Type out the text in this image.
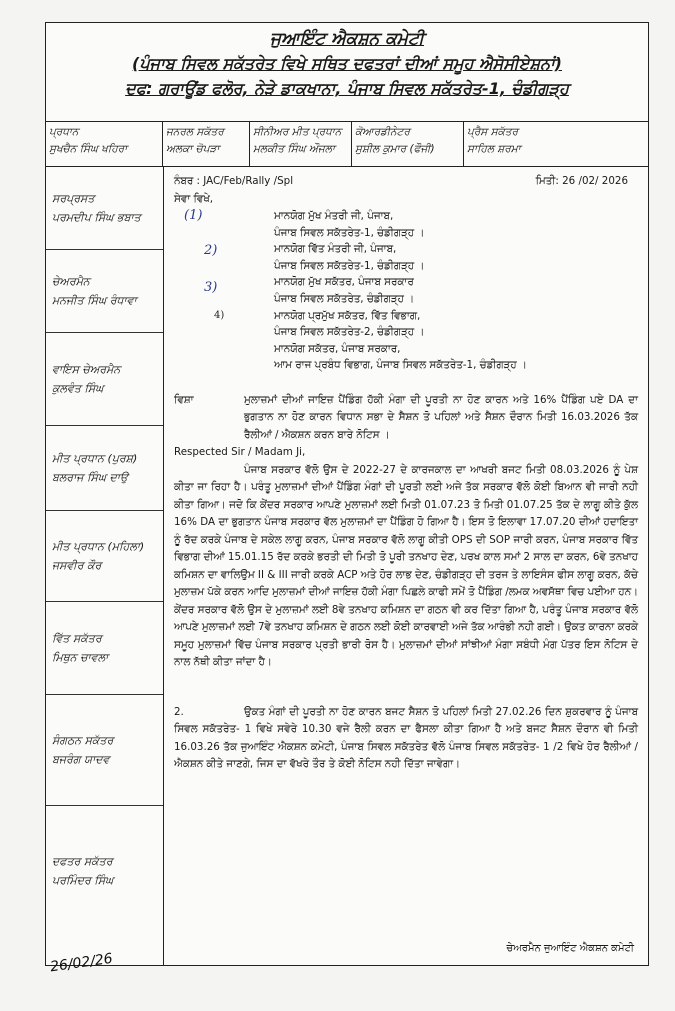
ਜੁਆਇੰਟ ਐਕਸ਼ਨ ਕਮੇਟੀ
(ਪੰਜਾਬ ਸਿਵਲ ਸਕੱਤਰੇਤ ਵਿਖੇ ਸਥਿਤ ਦਫਤਰਾਂ ਦੀਆਂ ਸਮੂਹ ਐਸੋਸੀਏਸ਼ਨਾਂ)
ਦਫ: ਗਰਾਊਂਡ ਫਲੋਰ, ਨੇੜੇ ਡਾਕਖਾਨਾ, ਪੰਜਾਬ ਸਿਵਲ ਸਕੱਤਰੇਤ-1, ਚੰਡੀਗੜ੍ਹ
ਪ੍ਰਧਾਨ
ਸੁਖਚੈਨ ਸਿੰਘ ਖਹਿਰਾ
ਜਨਰਲ ਸਕੱਤਰ
ਅਲਕਾ ਚੋਪੜਾ
ਸੀਨੀਅਰ ਮੀਤ ਪ੍ਰਧਾਨ
ਮਲਕੀਤ ਸਿੰਘ ਔਜਲਾ
ਕੋਆਰਡੀਨੇਟਰ
ਸੁਸ਼ੀਲ ਕੁਮਾਰ (ਫੌਜੀ)
ਪ੍ਰੈਸ ਸਕੱਤਰ
ਸਾਹਿਲ ਸ਼ਰਮਾ
ਸਰਪ੍ਰਸਤ
ਪਰਮਦੀਪ ਸਿੰਘ ਭਬਾਤ
ਚੇਅਰਮੈਨ
ਮਨਜੀਤ ਸਿੰਘ ਰੰਧਾਵਾ
ਵਾਇਸ ਚੇਅਰਮੈਨ
ਕੁਲਵੰਤ ਸਿੰਘ
ਮੀਤ ਪ੍ਰਧਾਨ (ਪੁਰਸ਼)
ਬਲਰਾਜ ਸਿੰਘ ਦਾਉ
ਮੀਤ ਪ੍ਰਧਾਨ (ਮਹਿਲਾ)
ਜਸਵੀਰ ਕੌਰ
ਵਿੱਤ ਸਕੱਤਰ
ਮਿਥੁਨ ਚਾਵਲਾ
ਸੰਗਠਨ ਸਕੱਤਰ
ਬਜਰੰਗ ਯਾਦਵ
ਦਫਤਰ ਸਕੱਤਰ
ਪਰਮਿੰਦਰ ਸਿੰਘ
ਨੰਬਰ : JAC/Feb/Rally /Spl	ਮਿਤੀ: 26 /02/ 2026
ਸੇਵਾ ਵਿਖੇ,
ਮਾਨਯੋਗ ਮੁੱਖ ਮੰਤਰੀ ਜੀ, ਪੰਜਾਬ,
ਪੰਜਾਬ ਸਿਵਲ ਸਕੱਤਰੇਤ-1, ਚੰਡੀਗੜ੍ਹ ।
ਮਾਨਯੋਗ ਵਿੱਤ ਮੰਤਰੀ ਜੀ, ਪੰਜਾਬ,
ਪੰਜਾਬ ਸਿਵਲ ਸਕੱਤਰੇਤ-1, ਚੰਡੀਗੜ੍ਹ ।
ਮਾਨਯੋਗ ਮੁੱਖ ਸਕੱਤਰ, ਪੰਜਾਬ ਸਰਕਾਰ
ਪੰਜਾਬ ਸਿਵਲ ਸਕੱਤਰੇਤ, ਚੰਡੀਗੜ੍ਹ ।
ਮਾਨਯੋਗ ਪ੍ਰਮੁੱਖ ਸਕੱਤਰ, ਵਿੱਤ ਵਿਭਾਗ,
ਪੰਜਾਬ ਸਿਵਲ ਸਕੱਤਰੇਤ-2, ਚੰਡੀਗੜ੍ਹ ।
ਮਾਨਯੋਗ ਸਕੱਤਰ, ਪੰਜਾਬ ਸਰਕਾਰ,
ਆਮ ਰਾਜ ਪ੍ਰਬੰਧ ਵਿਭਾਗ, ਪੰਜਾਬ ਸਿਵਲ ਸਕੱਤਰੇਤ-1, ਚੰਡੀਗੜ੍ਹ ।
(1)
2)
3)
4)
ਵਿਸ਼ਾ	ਮੁਲਾਜ਼ਮਾਂ ਦੀਆਂ ਜਾਇਜ਼ ਪੈਂਡਿੰਗ ਹੱਕੀ ਮੰਗਾ ਦੀ ਪੂਰਤੀ ਨਾ ਹੋਣ ਕਾਰਨ ਅਤੇ 16% ਪੈਂਡਿੰਗ ਪਏ DA ਦਾ ਭੁਗਤਾਨ ਨਾ ਹੋਣ ਕਾਰਨ ਵਿਧਾਨ ਸਭਾ ਦੇ ਸੈਸ਼ਨ ਤੋ ਪਹਿਲਾਂ ਅਤੇ ਸੈਸ਼ਨ ਦੌਰਾਨ ਮਿਤੀ 16.03.2026 ਤੱਕ ਰੈਲੀਆਂ / ਐਕਸ਼ਨ ਕਰਨ ਬਾਰੇ ਨੋਟਿਸ ।
Respected Sir / Madam Ji,

ਪੰਜਾਬ ਸਰਕਾਰ ਵੱਲੋ ਉਸ ਦੇ 2022-27 ਦੇ ਕਾਰਜਕਾਲ ਦਾ ਆਖਰੀ ਬਜਟ ਮਿਤੀ 08.03.2026 ਨੂੰ ਪੇਸ਼ ਕੀਤਾ ਜਾ ਰਿਹਾ ਹੈ। ਪਰੰਤੂ ਮੁਲਾਜ਼ਮਾਂ ਦੀਆਂ ਪੈਂਡਿੰਗ ਮੰਗਾਂ ਦੀ ਪੂਰਤੀ ਲਈ ਅਜੇ ਤੱਕ ਸਰਕਾਰ ਵੱਲੋ ਕੋਈ ਬਿਆਨ ਵੀ ਜਾਰੀ ਨਹੀ ਕੀਤਾ ਗਿਆ। ਜਦੋ ਕਿ ਕੇਂਦਰ ਸਰਕਾਰ ਆਪਣੇ ਮੁਲਾਜ਼ਮਾਂ ਲਈ ਮਿਤੀ 01.07.23 ਤੋ ਮਿਤੀ 01.07.25 ਤੱਕ ਦੇ ਲਾਗੂ ਕੀਤੇ ਕੁੱਲ 16% DA ਦਾ ਭੁਗਤਾਨ ਪੰਜਾਬ ਸਰਕਾਰ ਵੱਲ ਮੁਲਾਜ਼ਮਾਂ ਦਾ ਪੈਂਡਿੰਗ ਹੋ ਗਿਆ ਹੈ। ਇਸ ਤੋ ਇਲਾਵਾ 17.07.20 ਦੀਆਂ ਹਦਾਇਤਾ ਨੂੰ ਰੱਦ ਕਰਕੇ ਪੰਜਾਬ ਦੇ ਸਕੇਲ ਲਾਗੂ ਕਰਨ, ਪੰਜਾਬ ਸਰਕਾਰ ਵੱਲੋ ਲਾਗੂ ਕੀਤੀ OPS ਦੀ SOP ਜਾਰੀ ਕਰਨ, ਪੰਜਾਬ ਸਰਕਾਰ ਵਿੱਤ ਵਿਭਾਗ ਦੀਆਂ 15.01.15 ਰੱਦ ਕਰਕੇ ਭਰਤੀ ਦੀ ਮਿਤੀ ਤੋ ਪੂਰੀ ਤਨਖਾਹ ਦੇਣ, ਪਰਖ ਕਾਲ ਸਮਾਂ 2 ਸਾਲ ਦਾ ਕਰਨ, 6ਵੇ ਤਨਖਾਹ ਕਮਿਸ਼ਨ ਦਾ ਵਾਲਿਉਮ II & III ਜਾਰੀ ਕਰਕੇ ACP ਅਤੇ ਹੋਰ ਲਾਭ ਦੇਣ, ਚੰਡੀਗੜ੍ਹ ਦੀ ਤਰਜ ਤੇ ਲਾਇਸੰਸ ਫੀਸ ਲਾਗੂ ਕਰਨ, ਕੱਚੇ ਮੁਲਾਜ਼ਮ ਪੱਕੇ ਕਰਨ ਆਦਿ ਮੁਲਾਜ਼ਮਾਂ ਦੀਆਂ ਜਾਇਜ਼ ਹੱਕੀ ਮੰਗਾ ਪਿਛਲੇ ਕਾਫੀ ਸਮੇਂ ਤੋ ਪੈਂਡਿੰਗ /ਲਮਕ ਅਵਸੱਥਾ ਵਿਚ ਪਈਆ ਹਨ। ਕੇਂਦਰ ਸਰਕਾਰ ਵੱਲੋ ਉਸ ਦੇ ਮੁਲਾਜ਼ਮਾਂ ਲਈ 8ਵੇ ਤਨਖਾਹ ਕਮਿਸ਼ਨ ਦਾ ਗਠਨ ਵੀ ਕਰ ਦਿੱਤਾ ਗਿਆ ਹੈ, ਪਰੰਤੂ ਪੰਜਾਬ ਸਰਕਾਰ ਵੱਲੋ ਆਪਣੇ ਮੁਲਾਜ਼ਮਾਂ ਲਈ 7ਵੇ ਤਨਖਾਹ ਕਮਿਸ਼ਨ ਦੇ ਗਠਨ ਲਈ ਕੋਈ ਕਾਰਵਾਈ ਅਜੇ ਤੱਕ ਆਰੰਭੀ ਨਹੀ ਗਈ। ਉਕਤ ਕਾਰਨਾ ਕਰਕੇ ਸਮੂਹ ਮੁਲਾਜ਼ਮਾਂ ਵਿੱਚ ਪੰਜਾਬ ਸਰਕਾਰ ਪ੍ਰਤੀ ਭਾਰੀ ਰੋਸ ਹੈ। ਮੁਲਾਜ਼ਮਾਂ ਦੀਆਂ ਸਾਂਝੀਆਂ ਮੰਗਾ ਸਬੰਧੀ ਮੰਗ ਪੱਤਰ ਇਸ ਨੋਟਿਸ ਦੇ ਨਾਲ ਨੱਥੀ ਕੀਤਾ ਜਾਂਦਾ ਹੈ।

2.	ਉਕਤ ਮੰਗਾਂ ਦੀ ਪੂਰਤੀ ਨਾ ਹੋਣ ਕਾਰਨ ਬਜਟ ਸੈਸ਼ਨ ਤੋ ਪਹਿਲਾਂ ਮਿਤੀ 27.02.26 ਦਿਨ ਸ਼ੁਕਰਵਾਰ ਨੂੰ ਪੰਜਾਬ ਸਿਵਲ ਸਕੱਤਰੇਤ- 1 ਵਿਖੇ ਸਵੇਰੇ 10.30 ਵਜੇ ਰੈਲੀ ਕਰਨ ਦਾ ਫੈਸਲਾ ਕੀਤਾ ਗਿਆ ਹੈ ਅਤੇ ਬਜਟ ਸੈਸ਼ਨ ਦੌਰਾਨ ਵੀ ਮਿਤੀ 16.03.26 ਤੱਕ ਜੁਆਇੰਟ ਐਕਸ਼ਨ ਕਮੇਟੀ, ਪੰਜਾਬ ਸਿਵਲ ਸਕੱਤਰੇਤ ਵੱਲੋ ਪੰਜਾਬ ਸਿਵਲ ਸਕੱਤਰੇਤ- 1 /2 ਵਿਖੇ ਹੋਰ ਰੈਲੀਆਂ / ਐਕਸ਼ਨ ਕੀਤੇ ਜਾਣਗੇ, ਜਿਸ ਦਾ ਵੱਖਰੇ ਤੌਰ ਤੇ ਕੋਈ ਨੋਟਿਸ ਨਹੀ ਦਿੱਤਾ ਜਾਵੇਗਾ।

ਚੇਅਰਮੈਨ ਜੁਆਇੰਟ ਐਕਸ਼ਨ ਕਮੇਟੀ
26/02/26
